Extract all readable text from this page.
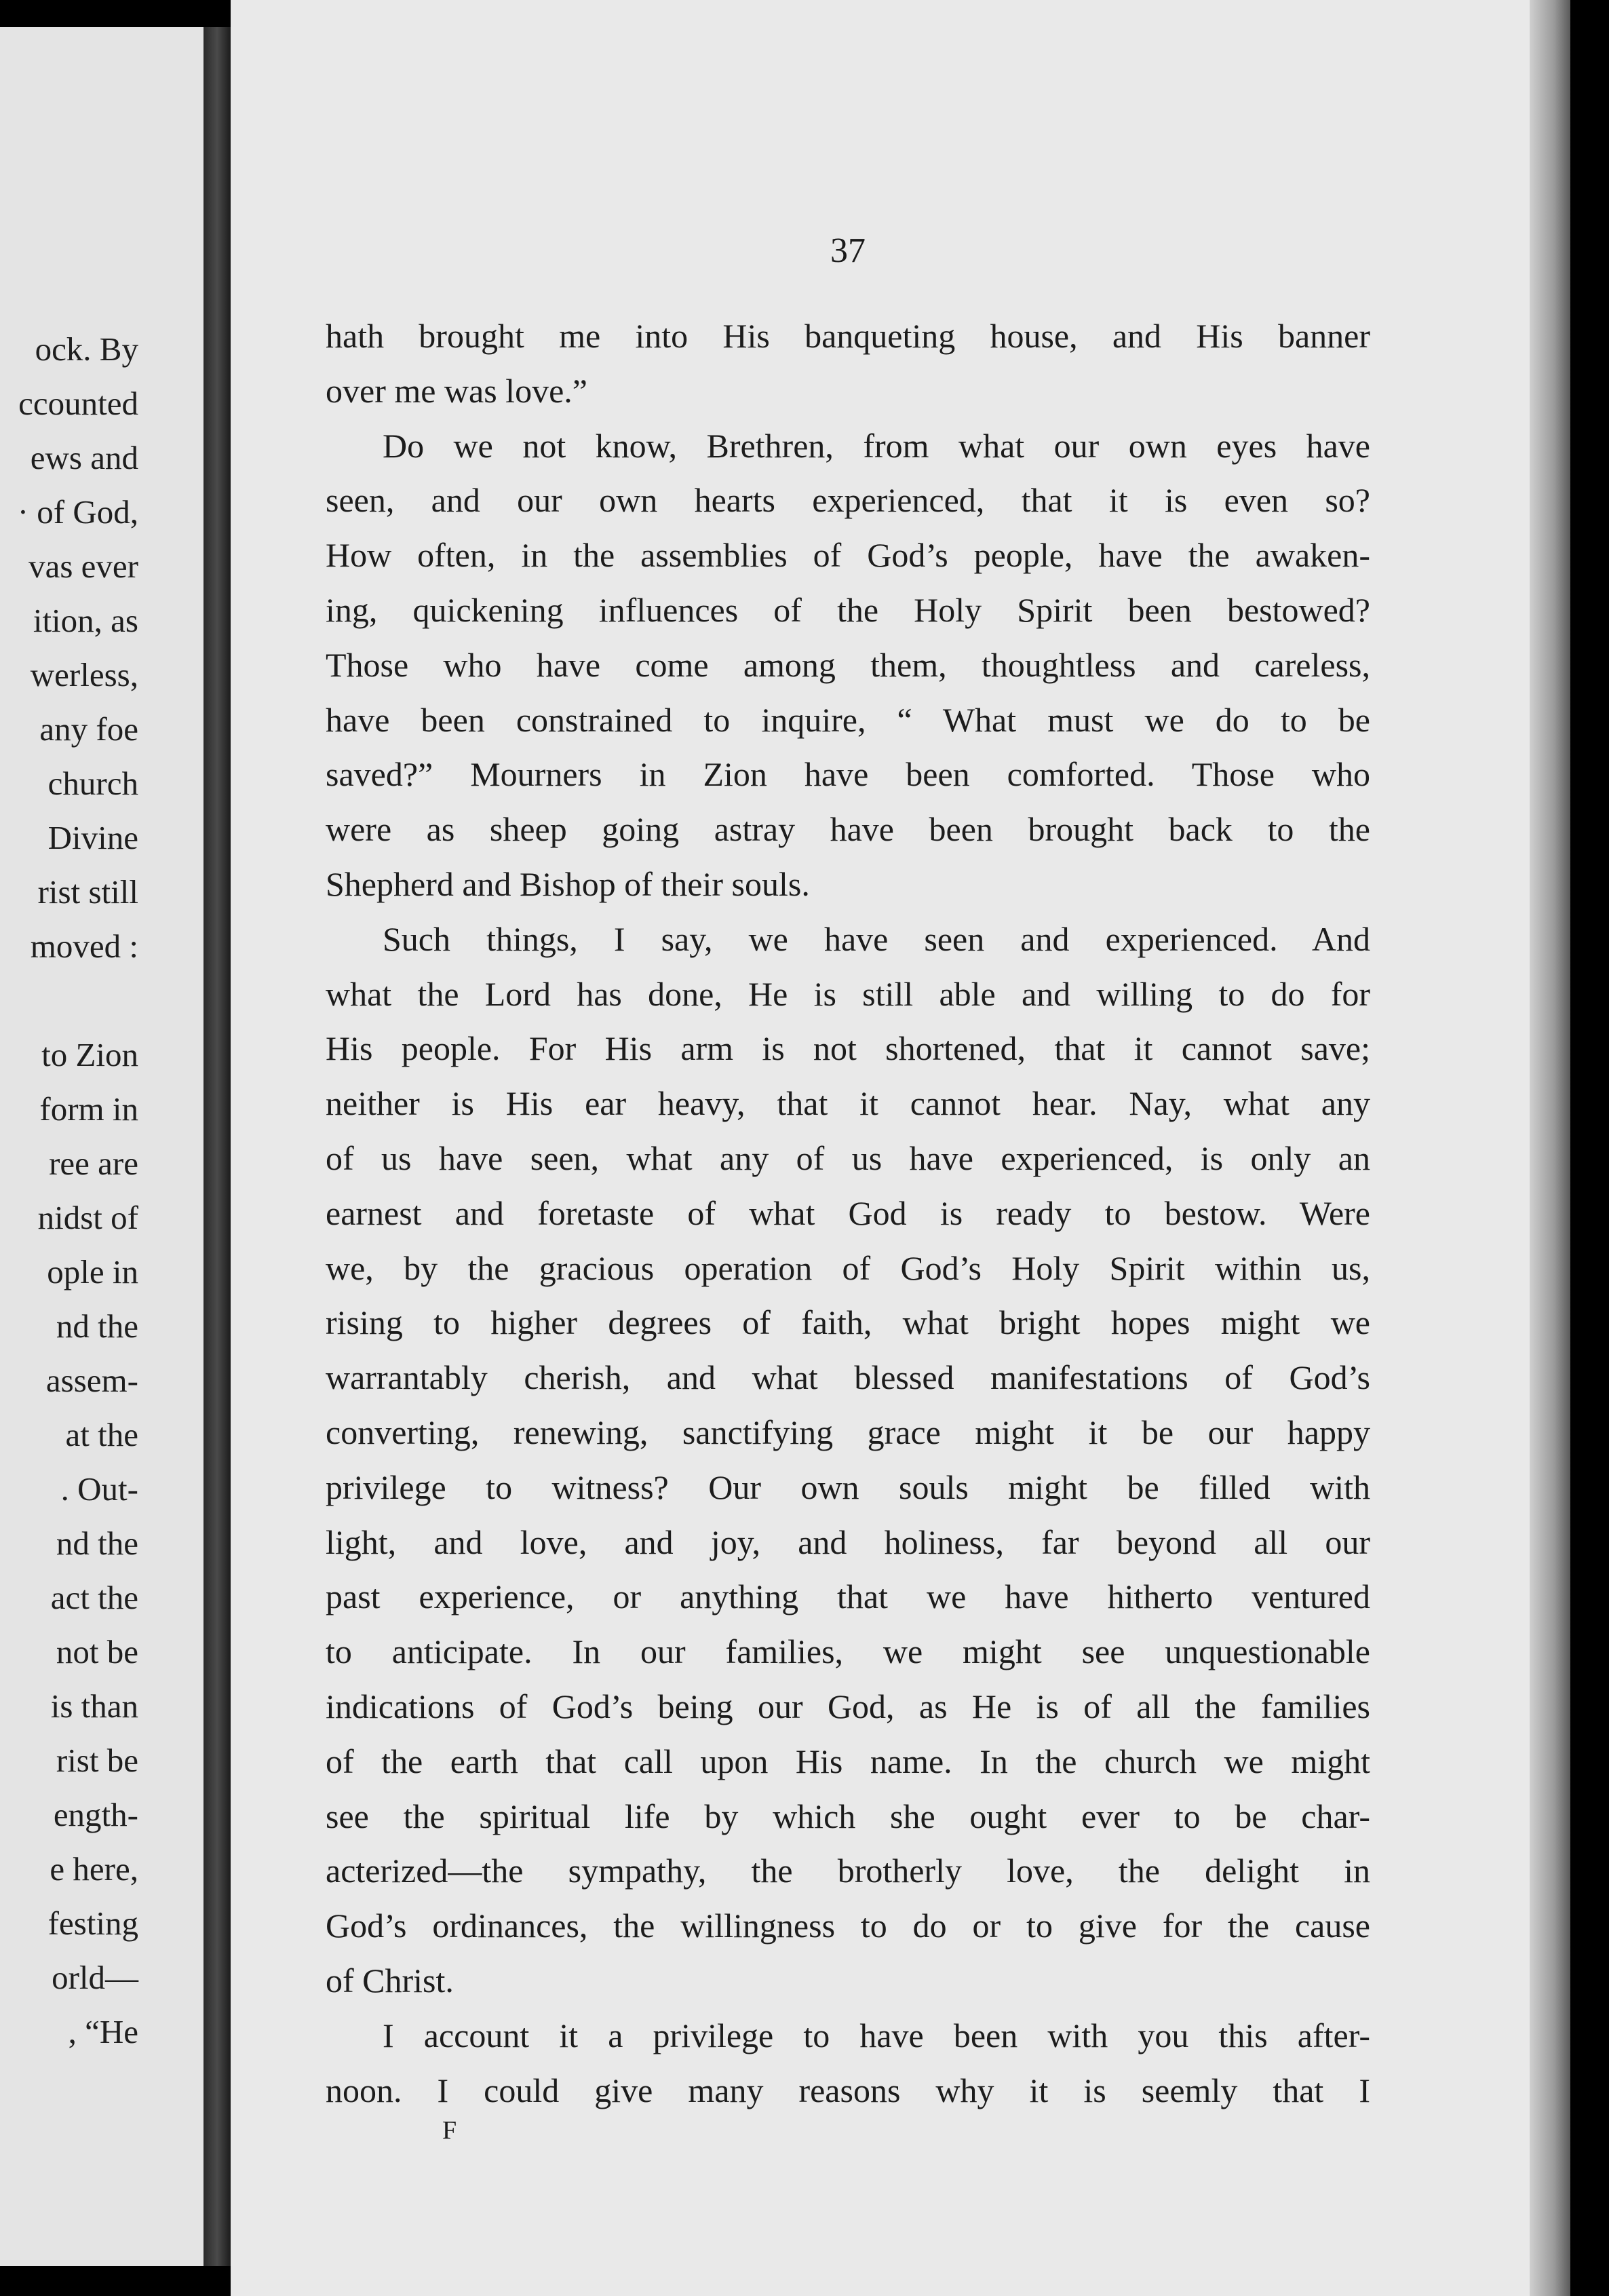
ock. By
ccounted
ews and
· of God,
vas ever
ition, as
werless,
any foe
church
Divine
rist still
moved :
to Zion
form in
ree are
nidst of
ople in
nd the
assem-
at the
. Out-
nd the
act the
not be
is than
rist be
ength-
e here,
festing
orld—
, “He
37
hath brought me into His banqueting house, and His banner
over me was love.”
Do we not know, Brethren, from what our own eyes have
seen, and our own hearts experienced, that it is even so?
How often, in the assemblies of God’s people, have the awaken-
ing, quickening influences of the Holy Spirit been bestowed?
Those who have come among them, thoughtless and careless,
have been constrained to inquire, “ What must we do to be
saved?” Mourners in Zion have been comforted. Those who
were as sheep going astray have been brought back to the
Shepherd and Bishop of their souls.
Such things, I say, we have seen and experienced. And
what the Lord has done, He is still able and willing to do for
His people. For His arm is not shortened, that it cannot save;
neither is His ear heavy, that it cannot hear. Nay, what any
of us have seen, what any of us have experienced, is only an
earnest and foretaste of what God is ready to bestow. Were
we, by the gracious operation of God’s Holy Spirit within us,
rising to higher degrees of faith, what bright hopes might we
warrantably cherish, and what blessed manifestations of God’s
converting, renewing, sanctifying grace might it be our happy
privilege to witness? Our own souls might be filled with
light, and love, and joy, and holiness, far beyond all our
past experience, or anything that we have hitherto ventured
to anticipate. In our families, we might see unquestionable
indications of God’s being our God, as He is of all the families
of the earth that call upon His name. In the church we might
see the spiritual life by which she ought ever to be char-
acterized—the sympathy, the brotherly love, the delight in
God’s ordinances, the willingness to do or to give for the cause
of Christ.
I account it a privilege to have been with you this after-
noon. I could give many reasons why it is seemly that I
F
